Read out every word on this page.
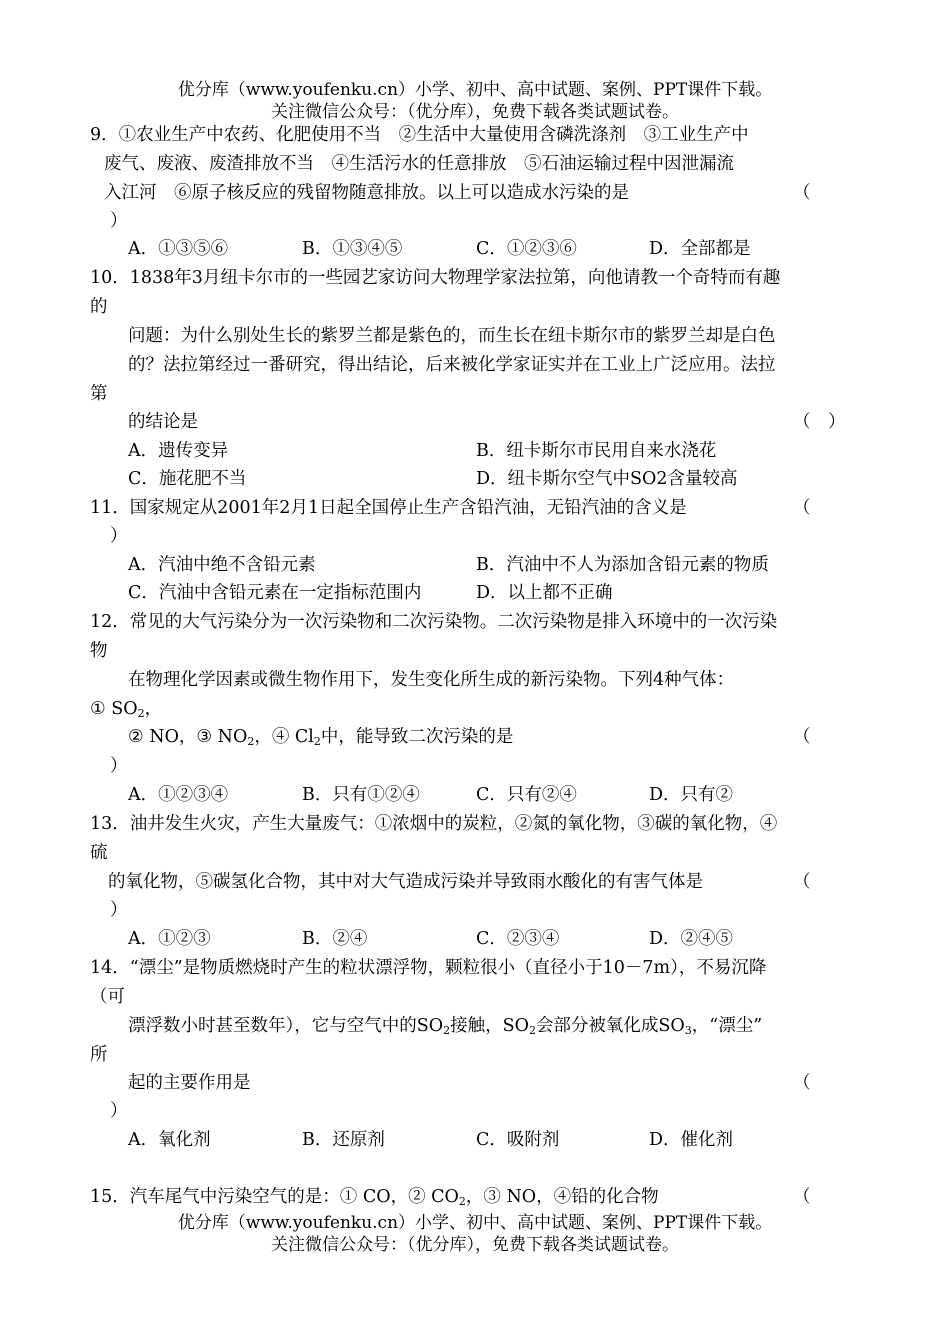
优分库（www.youfenku.cn）小学、初中、高中试题、案例、PPT课件下载。
关注微信公众号：（优分库），免费下载各类试题试卷。
9．①农业生产中农药、化肥使用不当　②生活中大量使用含磷洗涤剂　③工业生产中
废气、废液、废渣排放不当　④生活污水的任意排放　⑤石油运输过程中因泄漏流
入江河　⑥原子核反应的残留物随意排放。以上可以造成水污染的是	（
）
A．①③⑤⑥	B．①③④⑤	C．①②③⑥	D．全部都是
10．1838年3月纽卡尔市的一些园艺家访问大物理学家法拉第，向他请教一个奇特而有趣
的
问题：为什么别处生长的紫罗兰都是紫色的，而生长在纽卡斯尔市的紫罗兰却是白色
的？法拉第经过一番研究，得出结论，后来被化学家证实并在工业上广泛应用。法拉
第
的结论是	（　）
A．遗传变异	B．纽卡斯尔市民用自来水浇花
C．施花肥不当	D．纽卡斯尔空气中SO2含量较高
11．国家规定从2001年2月1日起全国停止生产含铅汽油，无铅汽油的含义是	（
）
A．汽油中绝不含铅元素	B．汽油中不人为添加含铅元素的物质
C．汽油中含铅元素在一定指标范围内	D．以上都不正确
12．常见的大气污染分为一次污染物和二次污染物。二次污染物是排入环境中的一次污染
物
在物理化学因素或微生物作用下，发生变化所生成的新污染物。下列4种气体：
① $SO_2$，
② NO，③ $NO_2$，④ $Cl_2$中，能导致二次污染的是	（
）
A．①②③④	B．只有①②④	C．只有②④	D．只有②
13．油井发生火灾，产生大量废气：①浓烟中的炭粒，②氮的氧化物，③碳的氧化物，④
硫
的氧化物，⑤碳氢化合物，其中对大气造成污染并导致雨水酸化的有害气体是	（
）
A．①②③	B．②④	C．②③④	D．②④⑤
14．“漂尘”是物质燃烧时产生的粒状漂浮物，颗粒很小（直径小于10－7m），不易沉降
（可
漂浮数小时甚至数年），它与空气中的$SO_2$接触，$SO_2$会部分被氧化成$SO_3$，“漂尘”
所
起的主要作用是	（
）
A．氧化剂	B．还原剂	C．吸附剂	D．催化剂
15．汽车尾气中污染空气的是：① CO，② $CO_2$，③ NO，④铅的化合物	（
优分库（www.youfenku.cn）小学、初中、高中试题、案例、PPT课件下载。
关注微信公众号：（优分库），免费下载各类试题试卷。
